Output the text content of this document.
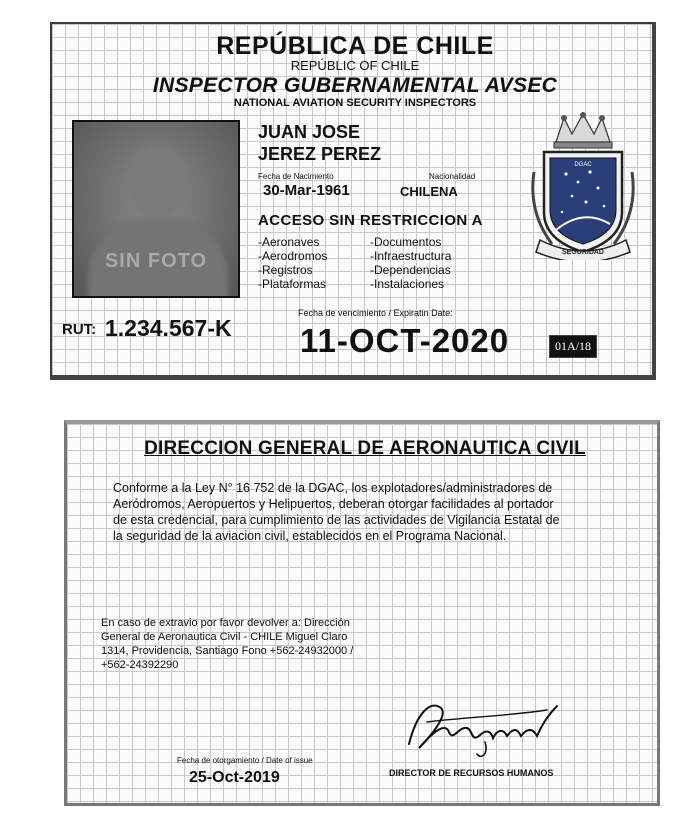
REPÚBLICA DE CHILE
REPÚBLIC OF CHILE
INSPECTOR GUBERNAMENTAL AVSEC
NATIONAL AVIATION SECURITY INSPECTORS
SIN FOTO
JUAN JOSE
JEREZ PEREZ
Fecha de Nacimiento	Nacionalidad
30-Mar-1961	CHILENA
ACCESO SIN RESTRICCION A
-Aeronaves
-Aerodromos
-Registros
-Plataformas
-Documentos
-Infraestructura
-Dependencias
-Instalaciones
Fecha de vencimiento / Expiratin Date:
RUT: 1.234.567-K 11-OCT-2020	01A/18
SEGURIDAD
DGAC
DIRECCION GENERAL DE AERONAUTICA CIVIL
Conforme a la Ley N° 16 752 de la DGAC, los explotadores/administradores de Aeródromos, Aeropuertos y Helipuertos, deberan otorgar facilidades al portador de esta credencial, para cumplimiento de las actividades de Vigilancia Estatal de la seguridad de la aviacion civil, establecidos en el Programa Nacional.
En caso de extravio por favor devolver a: Dirección General de Aeronautica Civil - CHILE Miguel Claro 1314, Providencia, Santiago Fono +562-24932000 / +562-24392290
Fecha de otorgamiento / Date of issue
25-Oct-2019	DIRECTOR DE RECURSOS HUMANOS
